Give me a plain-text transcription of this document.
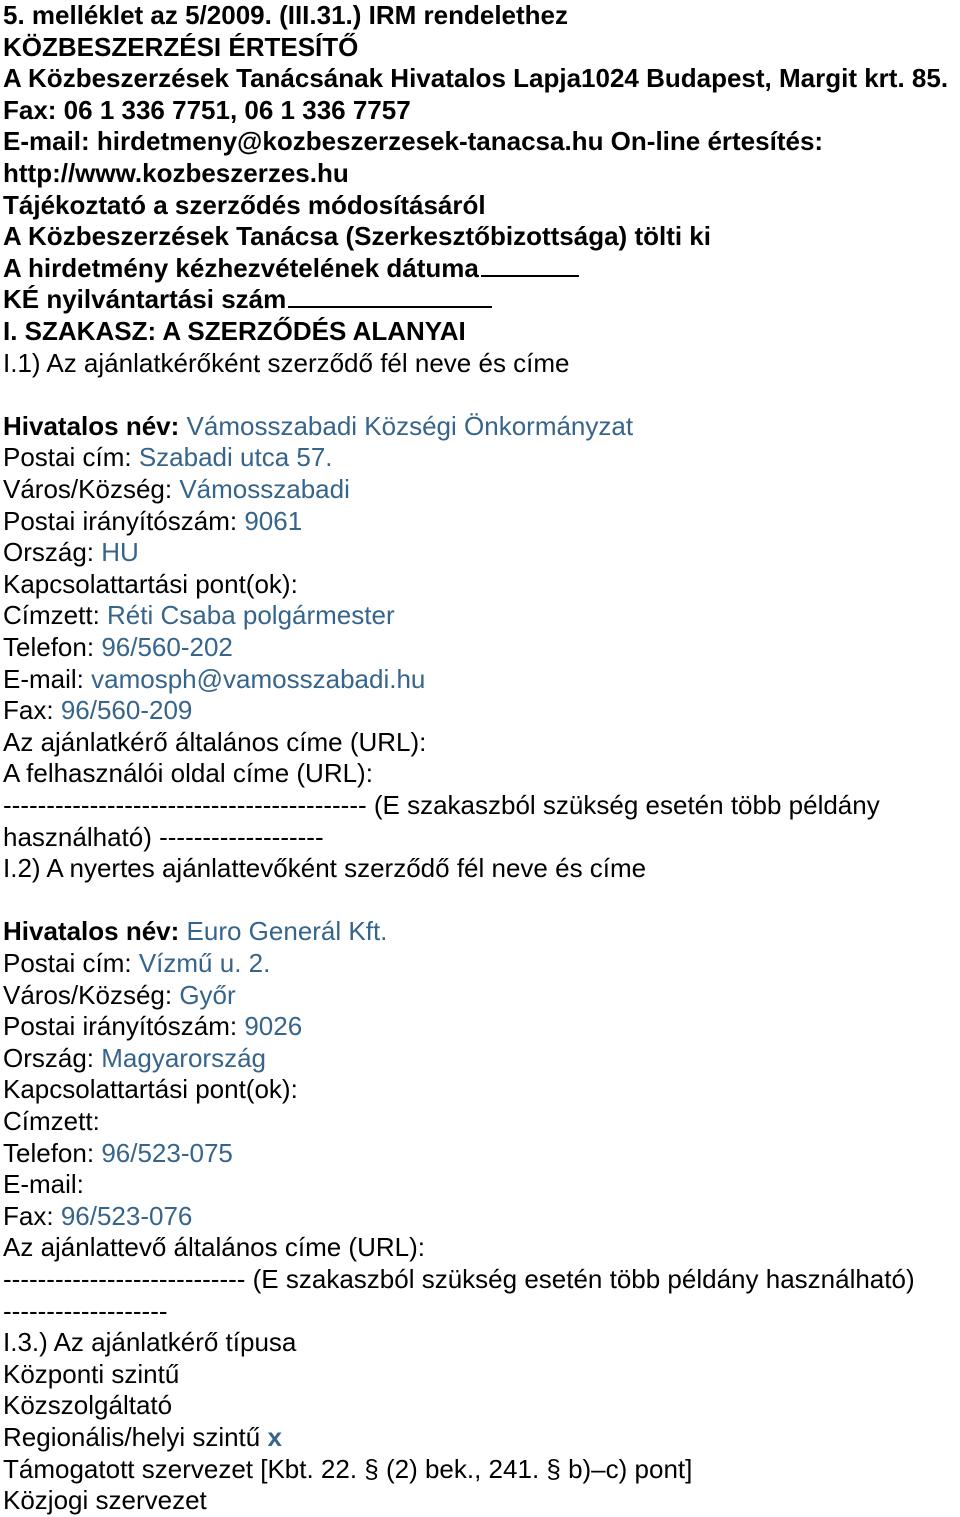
5. melléklet az 5/2009. (III.31.) IRM rendelethez
KÖZBESZERZÉSI ÉRTESÍTŐ
A Közbeszerzések Tanácsának Hivatalos Lapja1024 Budapest, Margit krt. 85.
Fax: 06 1 336 7751, 06 1 336 7757
E-mail: hirdetmeny@kozbeszerzesek-tanacsa.hu On-line értesítés:
http://www.kozbeszerzes.hu
Tájékoztató a szerződés módosításáról
A Közbeszerzések Tanácsa (Szerkesztőbizottsága) tölti ki
A hirdetmény kézhezvételének dátuma
KÉ nyilvántartási szám
I. SZAKASZ: A SZERZŐDÉS ALANYAI
I.1) Az ajánlatkérőként szerződő fél neve és címe
Hivatalos név: Vámosszabadi Községi Önkormányzat
Postai cím: Szabadi utca 57.
Város/Község: Vámosszabadi
Postai irányítószám: 9061
Ország: HU
Kapcsolattartási pont(ok):
Címzett: Réti Csaba polgármester
Telefon: 96/560-202
E-mail: vamosph@vamosszabadi.hu
Fax: 96/560-209
Az ajánlatkérő általános címe (URL):
A felhasználói oldal címe (URL):
------------------------------------------ (E szakaszból szükség esetén több példány
használható) -------------------
I.2) A nyertes ajánlattevőként szerződő fél neve és címe
Hivatalos név: Euro Generál Kft.
Postai cím: Vízmű u. 2.
Város/Község: Győr
Postai irányítószám: 9026
Ország: Magyarország
Kapcsolattartási pont(ok):
Címzett:
Telefon: 96/523-075
E-mail:
Fax: 96/523-076
Az ajánlattevő általános címe (URL):
---------------------------- (E szakaszból szükség esetén több példány használható)
-------------------
I.3.) Az ajánlatkérő típusa
Központi szintű
Közszolgáltató
Regionális/helyi szintű x
Támogatott szervezet [Kbt. 22. § (2) bek., 241. § b)–c) pont]
Közjogi szervezet
